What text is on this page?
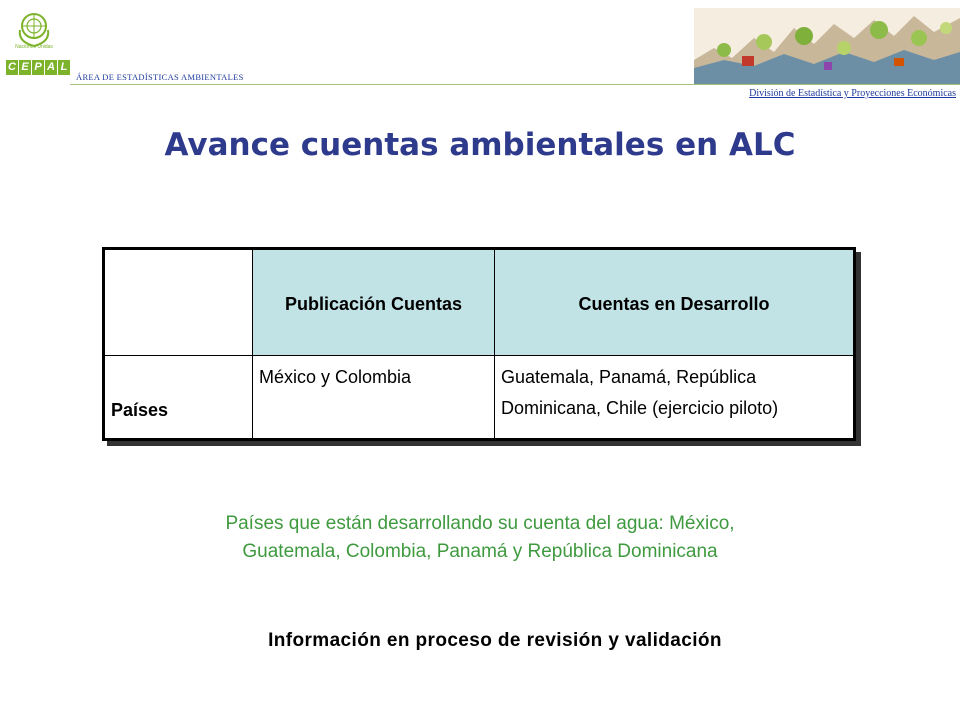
Naciones Unidas
C E P A L
ÁREA DE ESTADÍSTICAS AMBIENTALES
División de Estadística y Proyecciones Económicas
Avance cuentas ambientales en ALC
	Publicación Cuentas	Cuentas en Desarrollo
Países	México y Colombia	Guatemala, Panamá, República Dominicana, Chile (ejercicio piloto)
Países que están desarrollando su cuenta del agua: México,
Guatemala, Colombia, Panamá y República Dominicana
Información en proceso de revisión y validación
